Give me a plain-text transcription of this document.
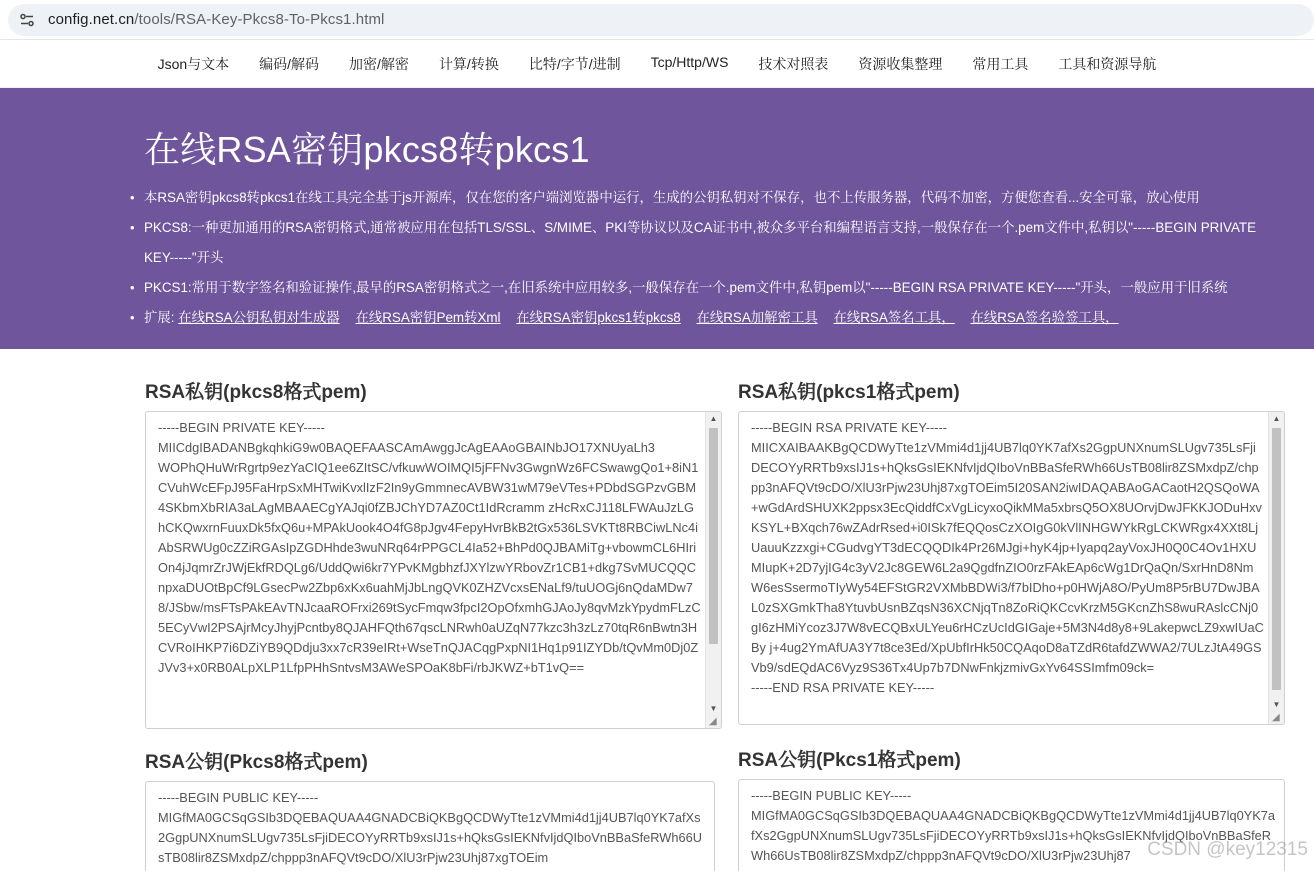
config.net.cn/tools/RSA-Key-Pkcs8-To-Pkcs1.html
Json与文本	编码/解码	加密/解密	计算/转换	比特/字节/进制	Tcp/Http/WS	技术对照表	资源收集整理	常用工具	工具和资源导航
在线RSA密钥pkcs8转pkcs1
• 本RSA密钥pkcs8转pkcs1在线工具完全基于js开源库，仅在您的客户端浏览器中运行，生成的公钥私钥对不保存，也不上传服务器，代码不加密，方便您查看...安全可靠，放心使用
• PKCS8:一种更加通用的RSA密钥格式,通常被应用在包括TLS/SSL、S/MIME、PKI等协议以及CA证书中,被众多平台和编程语言支持,一般保存在一个.pem文件中,私钥以"-----BEGIN PRIVATE KEY-----"开头
• PKCS1:常用于数字签名和验证操作,最早的RSA密钥格式之一,在旧系统中应用较多,一般保存在一个.pem文件中,私钥pem以"-----BEGIN RSA PRIVATE KEY-----"开头，一般应用于旧系统
• 扩展: 在线RSA公钥私钥对生成器 在线RSA密钥Pem转Xml 在线RSA密钥pkcs1转pkcs8 在线RSA加解密工具 在线RSA签名工具， 在线RSA签名验签工具，
RSA私钥(pkcs8格式pem)
-----BEGIN PRIVATE KEY-----
MIICdgIBADANBgkqhkiG9w0BAQEFAASCAmAwggJcAgEAAoGBAINbJO17XNUyaLh3
WOPhQHuWrRgrtp9ezYaCIQ1ee6ZItSC/vfkuwWOIMQI5jFFNv3GwgnWz6FCSwawgQo1+8iN1CVuhWcEFpJ95FaHrpSxMHTwiKvxlIzF2In9yGmmnecAVBW31wM79eVTes+PDbdSGPzvGBM4SKbmXbRIA3aLAgMBAAECgYAJqi0fZBJChYD7AZ0Ct1IdRcramm zHcRxCJ118LFWAuJzLGhCKQwxrnFuuxDk5fxQ6u+MPAkUook4O4fG8pJgv4FepyHvrBkB2tGx536LSVKTt8RBCiwLNc4iAbSRWUg0cZZiRGAsIpZGDHhde3wuNRq64rPPGCL4Ia52+BhPd0QJBAMiTg+vbowmCL6HIriOn4jJqmrZrJWjEkfRDQLg6/UddQwi6kr7YPvKMgbhzfJXYlzwYRbovZr1CB1+dkg7SvMUCQQCnpxaDUOtBpCf9LGsecPw2Zbp6xKx6uahMjJbLngQVK0ZHZVcxsENaLf9/tuUOGj6nQdaMDw78/JSbw/msFTsPAkEAvTNJcaaROFrxi269tSycFmqw3fpcI2OpOfxmhGJAoJy8qvMzkYpydmFLzC5ECyVwI2PSAjrMcyJhyjPcntby8QJAHFQth67qscLNRwh0aUZqN77kzc3h3zLz70tqR6nBwtn3HCVRoIHKP7i6DZiYB9QDdju3xx7cR39eIRt+WseTnQJACqgPxpNI1Hq1p91IZYDb/tQvMm0Dj0ZJVv3+x0RB0ALpXLP1LfpPHhSntvsM3AWeSPOaK8bFi/rbJKWZ+bT1vQ==
▲
▼
◢
RSA私钥(pkcs1格式pem)
-----BEGIN RSA PRIVATE KEY-----
MIICXAIBAAKBgQCDWyTte1zVMmi4d1jj4UB7lq0YK7afXs2GgpUNXnumSLUgv735LsFjiDECOYyRRTb9xsIJ1s+hQksGsIEKNfvIjdQIboVnBBaSfeRWh66UsTB08lir8ZSMxdpZ/chppp3nAFQVt9cDO/XlU3rPjw23Uhj87xgTOEim5I20SAN2iwIDAQABAoGACaotH2QSQoWA+wGdArdSHUXK2ppsx3EcQiddfCxVgLicyxoQikMMa5xbrsQ5OX8UOrvjDwJFKKJODuHxvKSYL+BXqch76wZAdrRsed+i0ISk7fEQQosCzXOIgG0kVlINHGWYkRgLCKWRgx4XXt8LjUauuKzzxgi+CGudvgYT3dECQQDIk4Pr26MJgi+hyK4jp+Iyapq2ayVoxJH0Q0C4Ov1HXUMIupK+2D7yjIG4c3yV2Jc8GEW6L2a9QgdfnZIO0rzFAkEAp6cWg1DrQaQn/SxrHnD8NmW6esSsermoTIyWy54EFStGR2VXMbBDWi3/f7bIDho+p0HWjA8O/PyUm8P5rBU7DwJBAL0zSXGmkTha8YtuvbUsnBZqsN36XCNjqTn8ZoRiQKCcvKrzM5GKcnZhS8wuRAslcCNj0gI6zHMiYcoz3J7W8vECQBxULYeu6rHCzUcIdGIGaje+5M3N4d8y8+9LakepwcLZ9xwIUaCBy j+4ug2YmAfUA3Y7t8ce3Ed/XpUbfIrHk50CQAqoD8aTZdR6tafdZWWA2/7ULzJtA49GSVb9/sdEQdAC6Vyz9S36Tx4Up7b7DNwFnkjzmivGxYv64SSImfm09ck=
-----END RSA PRIVATE KEY-----
▲
▼
◢
RSA公钥(Pkcs8格式pem)
-----BEGIN PUBLIC KEY-----
MIGfMA0GCSqGSIb3DQEBAQUAA4GNADCBiQKBgQCDWyTte1zVMmi4d1jj4UB7lq0YK7afXs2GgpUNXnumSLUgv735LsFjiDECOYyRRTb9xsIJ1s+hQksGsIEKNfvIjdQIboVnBBaSfeRWh66UsTB08lir8ZSMxdpZ/chppp3nAFQVt9cDO/XlU3rPjw23Uhj87xgTOEim
RSA公钥(Pkcs1格式pem)
-----BEGIN PUBLIC KEY-----
MIGfMA0GCSqGSIb3DQEBAQUAA4GNADCBiQKBgQCDWyTte1zVMmi4d1jj4UB7lq0YK7afXs2GgpUNXnumSLUgv735LsFjiDECOYyRRTb9xsIJ1s+hQksGsIEKNfvIjdQIboVnBBaSfeRWh66UsTB08lir8ZSMxdpZ/chppp3nAFQVt9cDO/XlU3rPjw23Uhj87 CSDN @key12315
